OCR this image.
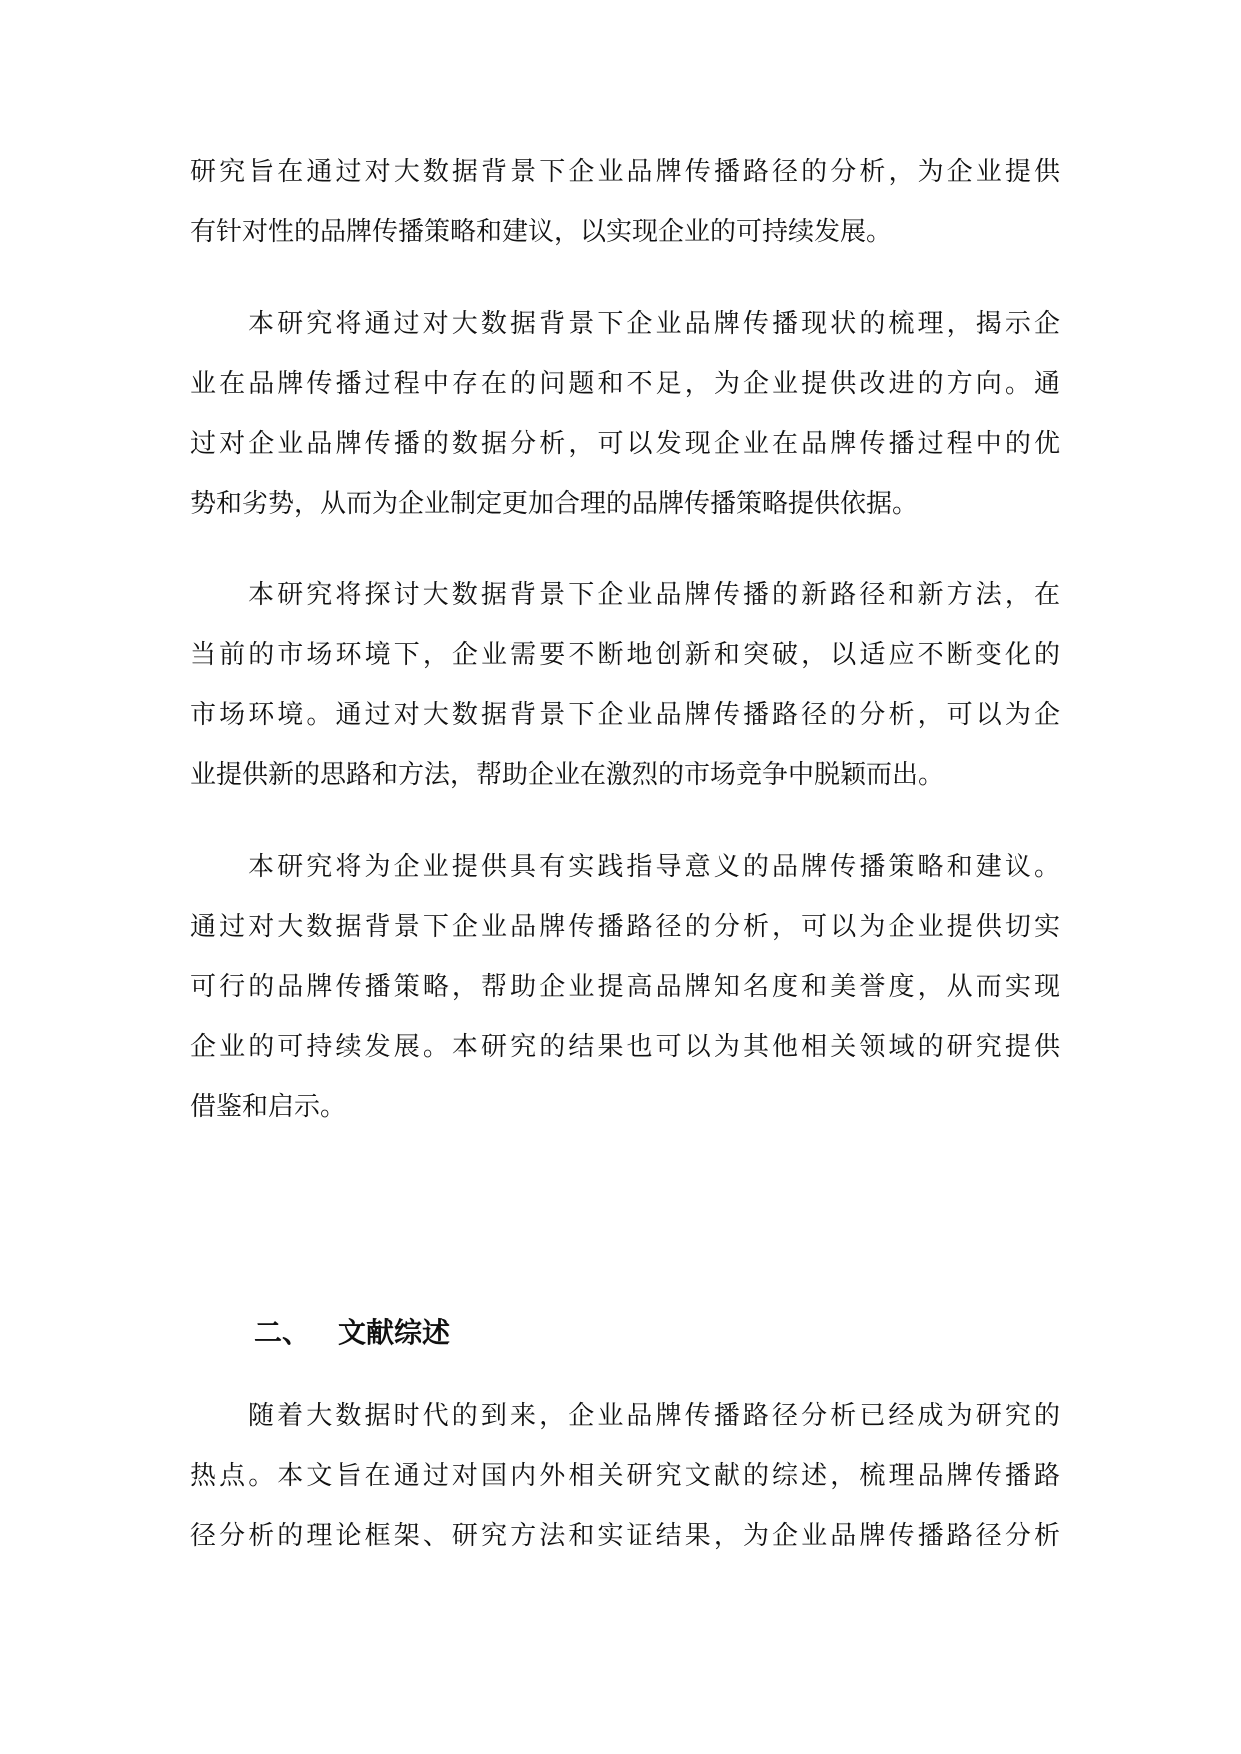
研究旨在通过对大数据背景下企业品牌传播路径的分析，为企业提供
有针对性的品牌传播策略和建议，以实现企业的可持续发展。
本研究将通过对大数据背景下企业品牌传播现状的梳理，揭示企
业在品牌传播过程中存在的问题和不足，为企业提供改进的方向。通
过对企业品牌传播的数据分析，可以发现企业在品牌传播过程中的优
势和劣势，从而为企业制定更加合理的品牌传播策略提供依据。
本研究将探讨大数据背景下企业品牌传播的新路径和新方法，在
当前的市场环境下，企业需要不断地创新和突破，以适应不断变化的
市场环境。通过对大数据背景下企业品牌传播路径的分析，可以为企
业提供新的思路和方法，帮助企业在激烈的市场竞争中脱颖而出。
本研究将为企业提供具有实践指导意义的品牌传播策略和建议。
通过对大数据背景下企业品牌传播路径的分析，可以为企业提供切实
可行的品牌传播策略，帮助企业提高品牌知名度和美誉度，从而实现
企业的可持续发展。本研究的结果也可以为其他相关领域的研究提供
借鉴和启示。
二、 文献综述
随着大数据时代的到来，企业品牌传播路径分析已经成为研究的
热点。本文旨在通过对国内外相关研究文献的综述，梳理品牌传播路
径分析的理论框架、研究方法和实证结果，为企业品牌传播路径分析
